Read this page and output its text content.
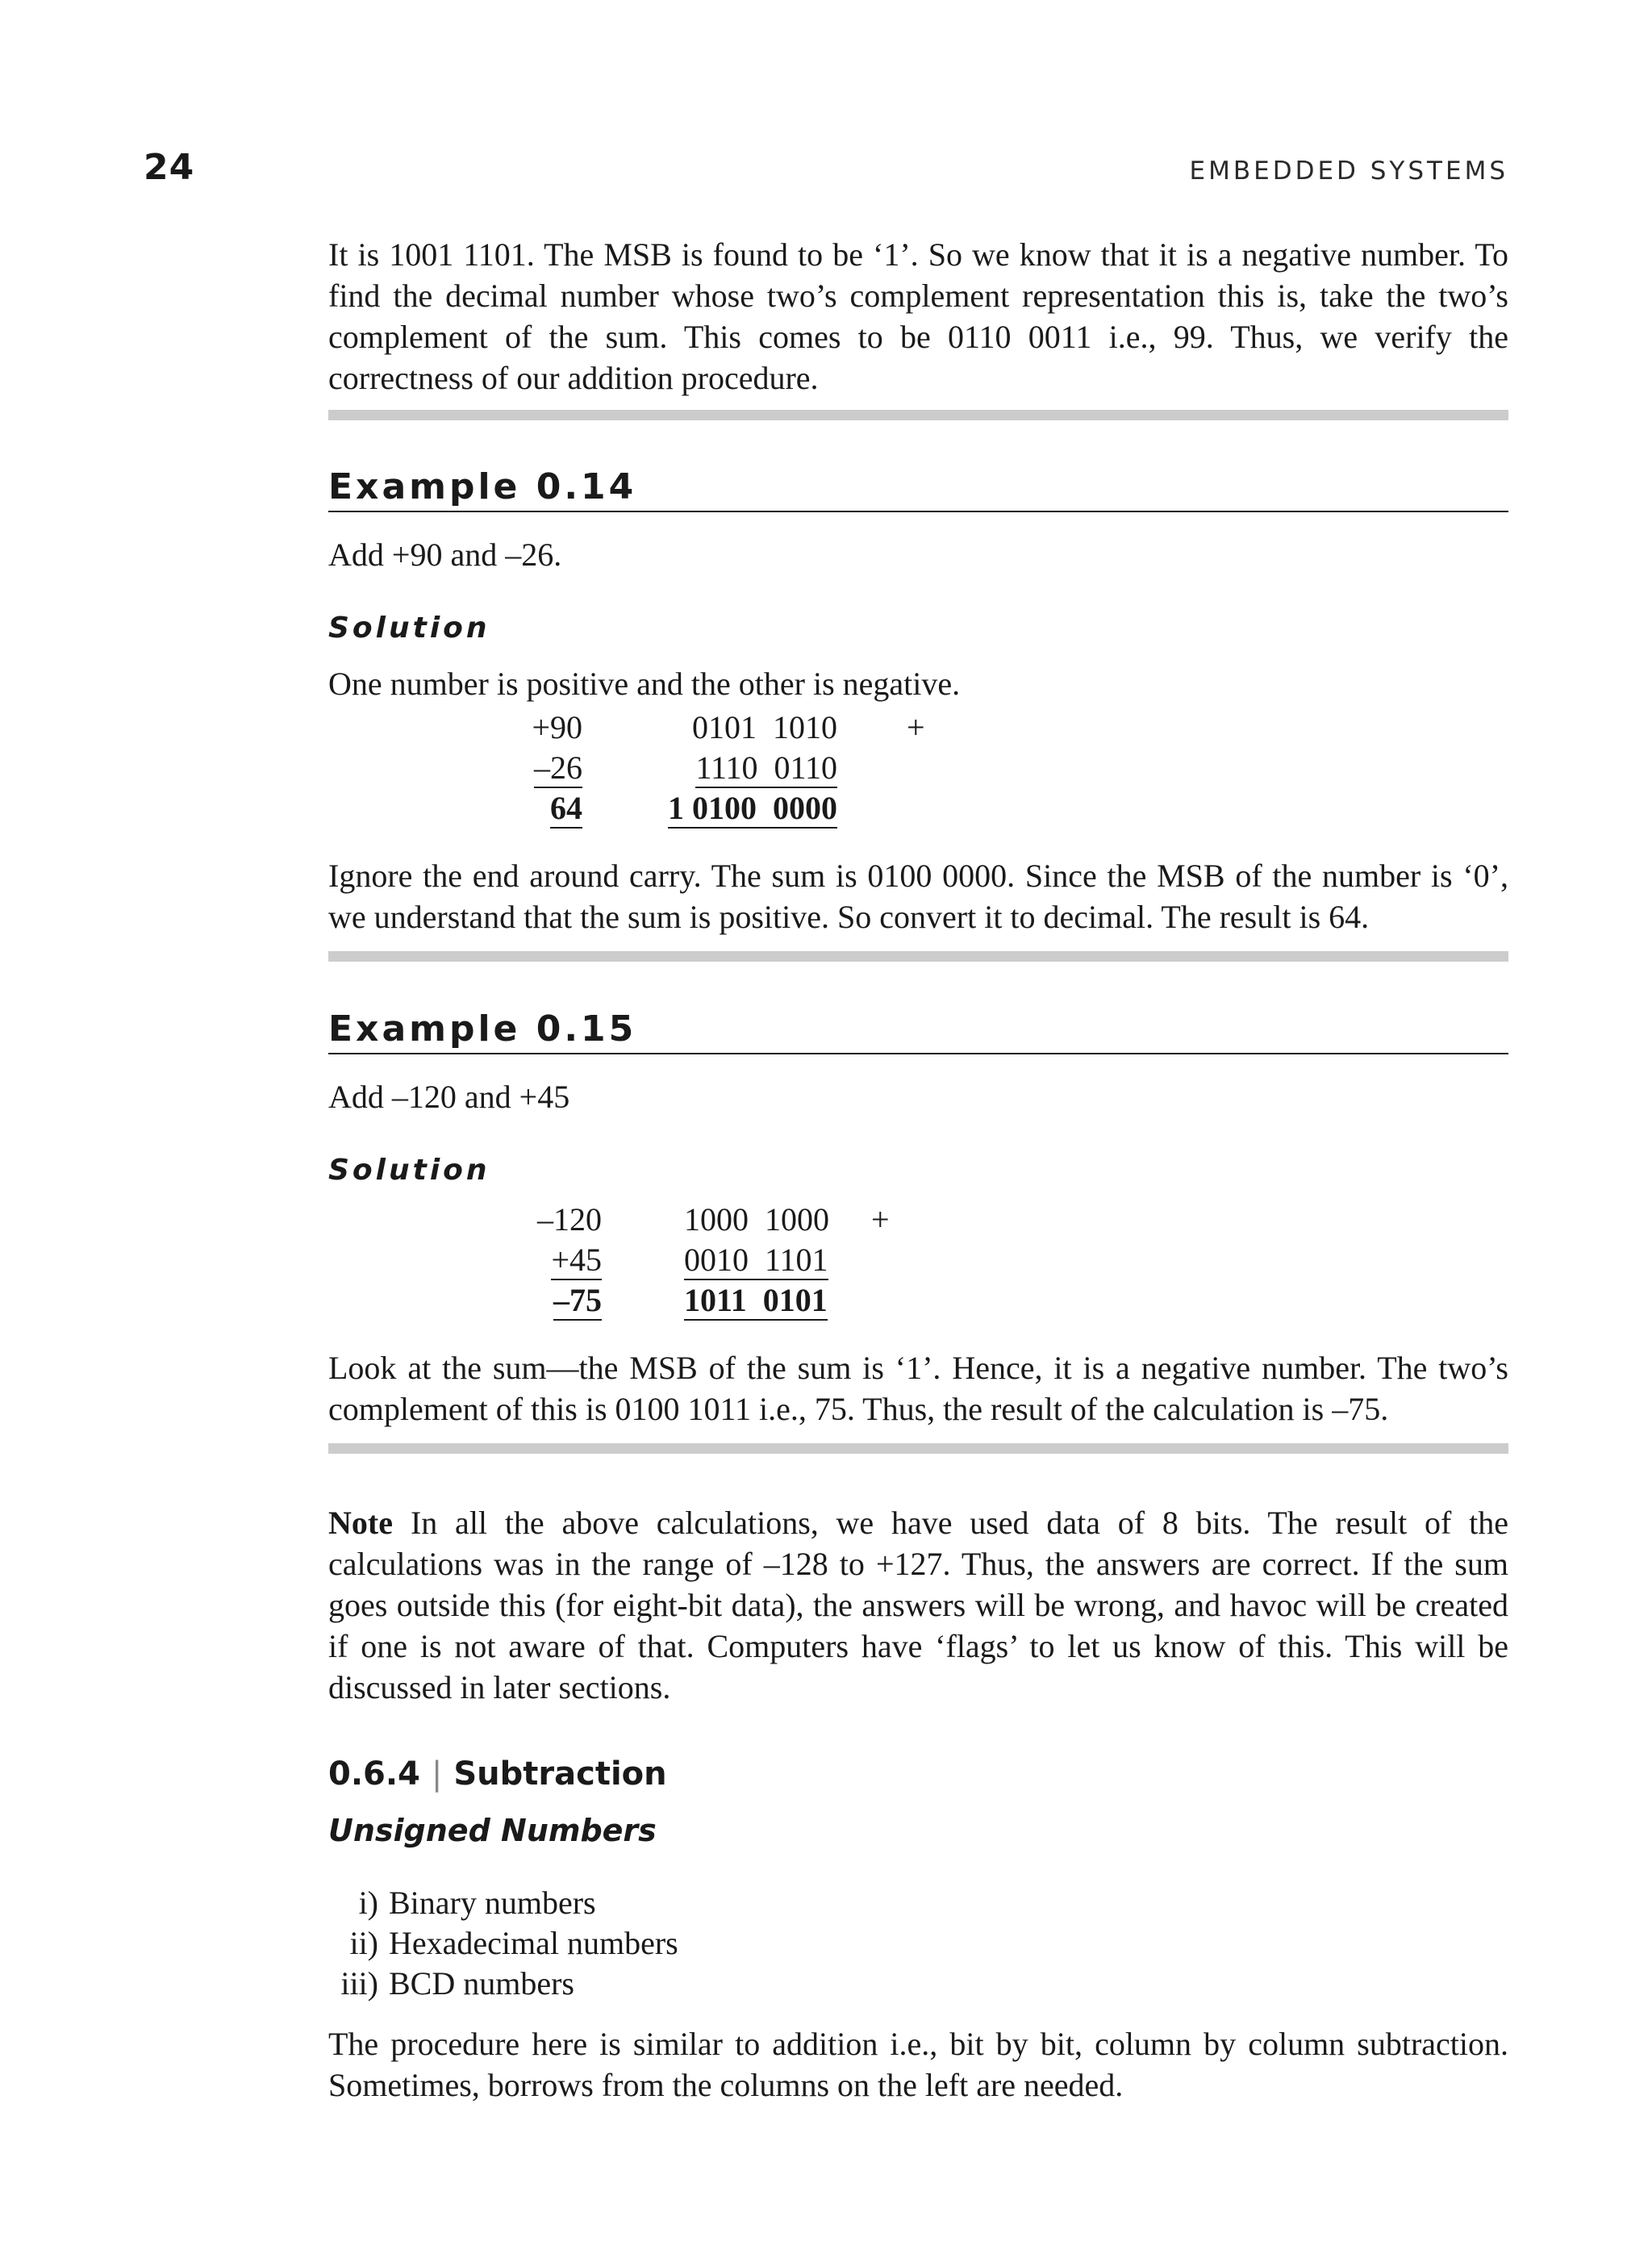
24	EMBEDDED SYSTEMS

It is 1001 1101. The MSB is found to be ‘1’. So we know that it is a negative number. To find the decimal number whose two’s complement representation this is, take the two’s complement of the sum. This comes to be 0110 0011 i.e., 99. Thus, we verify the correctness of our addition procedure.

Example 0.14

Add +90 and –26.

Solution

One number is positive and the other is negative.

+90
–26
64
0101  1010
1110  0110
1 0100  0000
+

Ignore the end around carry. The sum is 0100 0000. Since the MSB of the number is ‘0’, we understand that the sum is positive. So convert it to decimal. The result is 64.

Example 0.15

Add –120 and +45

Solution
–120
+45
–75
1000  1000
0010  1101
1011  0101
+

Look at the sum—the MSB of the sum is ‘1’. Hence, it is a negative number. The two’s complement of this is 0100 1011 i.e., 75. Thus, the result of the calculation is –75.

Note In all the above calculations, we have used data of 8 bits. The result of the calculations was in the range of –128 to +127. Thus, the answers are correct. If the sum goes outside this (for eight-bit data), the answers will be wrong, and havoc will be created if one is not aware of that. Computers have ‘flags’ to let us know of this. This will be discussed in later sections.

0.6.4 | Subtraction
Unsigned Numbers
i) Binary numbers
ii) Hexadecimal numbers
iii) BCD numbers

The procedure here is similar to addition i.e., bit by bit, column by column subtraction. Sometimes, borrows from the columns on the left are needed.
